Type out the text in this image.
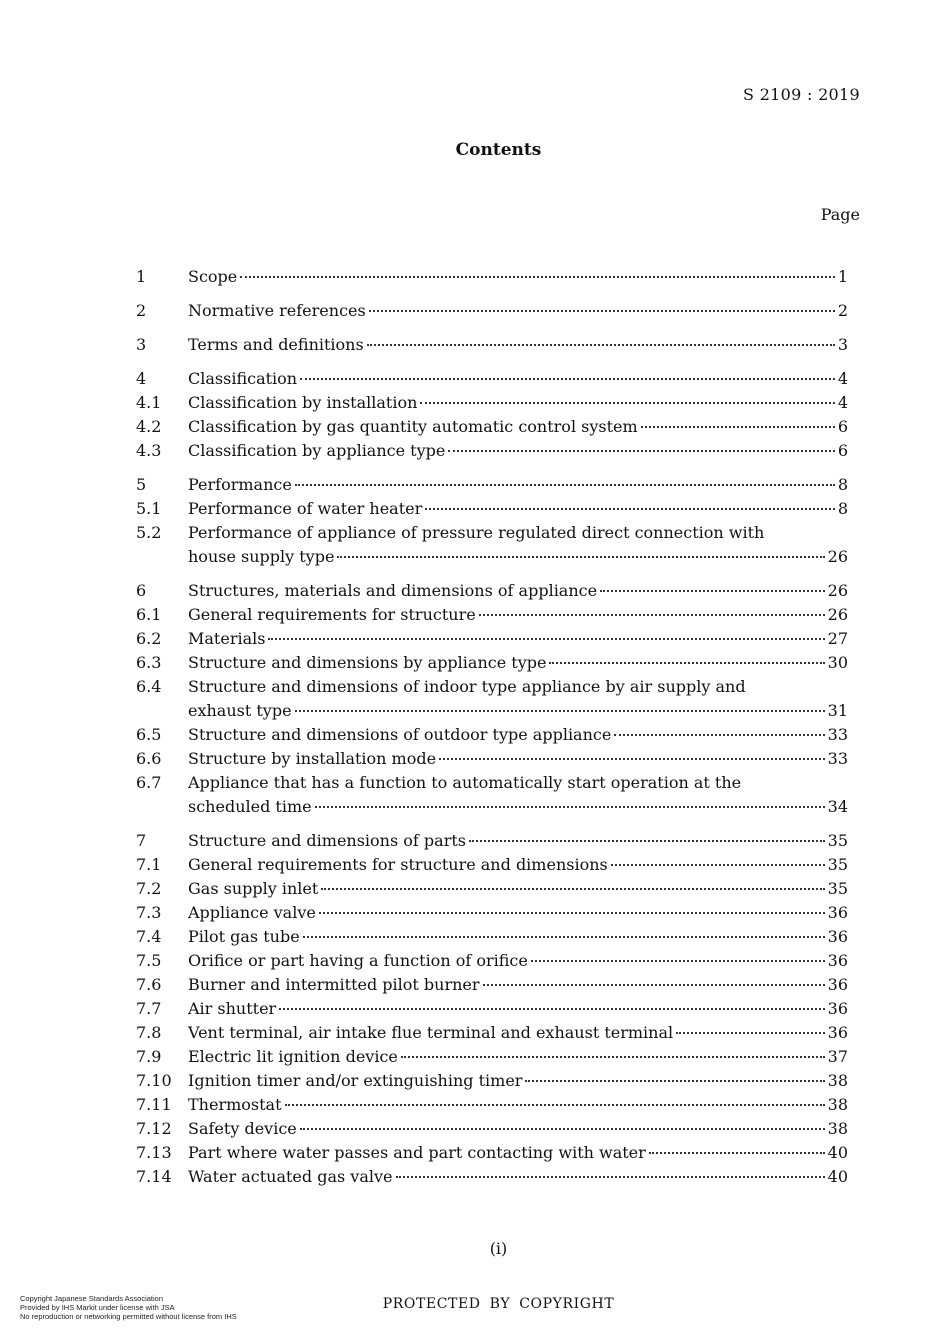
S 2109 : 2019
Contents
Page
1	Scope	1
2	Normative references	2
3	Terms and definitions	3
4	Classification	4
4.1	Classification by installation	4
4.2	Classification by gas quantity automatic control system	6
4.3	Classification by appliance type	6
5	Performance	8
5.1	Performance of water heater	8
5.2	Performance of appliance of pressure regulated direct connection with
house supply type	26
6	Structures, materials and dimensions of appliance	26
6.1	General requirements for structure	26
6.2	Materials	27
6.3	Structure and dimensions by appliance type	30
6.4	Structure and dimensions of indoor type appliance by air supply and
exhaust type	31
6.5	Structure and dimensions of outdoor type appliance	33
6.6	Structure by installation mode	33
6.7	Appliance that has a function to automatically start operation at the
scheduled time	34
7	Structure and dimensions of parts	35
7.1	General requirements for structure and dimensions	35
7.2	Gas supply inlet	35
7.3	Appliance valve	36
7.4	Pilot gas tube	36
7.5	Orifice or part having a function of orifice	36
7.6	Burner and intermitted pilot burner	36
7.7	Air shutter	36
7.8	Vent terminal, air intake flue terminal and exhaust terminal	36
7.9	Electric lit ignition device	37
7.10	Ignition timer and/or extinguishing timer	38
7.11	Thermostat	38
7.12	Safety device	38
7.13	Part where water passes and part contacting with water	40
7.14	Water actuated gas valve	40
(i)
Copyright Japanese Standards Association
Provided by IHS Markit under license with JSA
No reproduction or networking permitted without license from IHS
PROTECTED BY COPYRIGHT
